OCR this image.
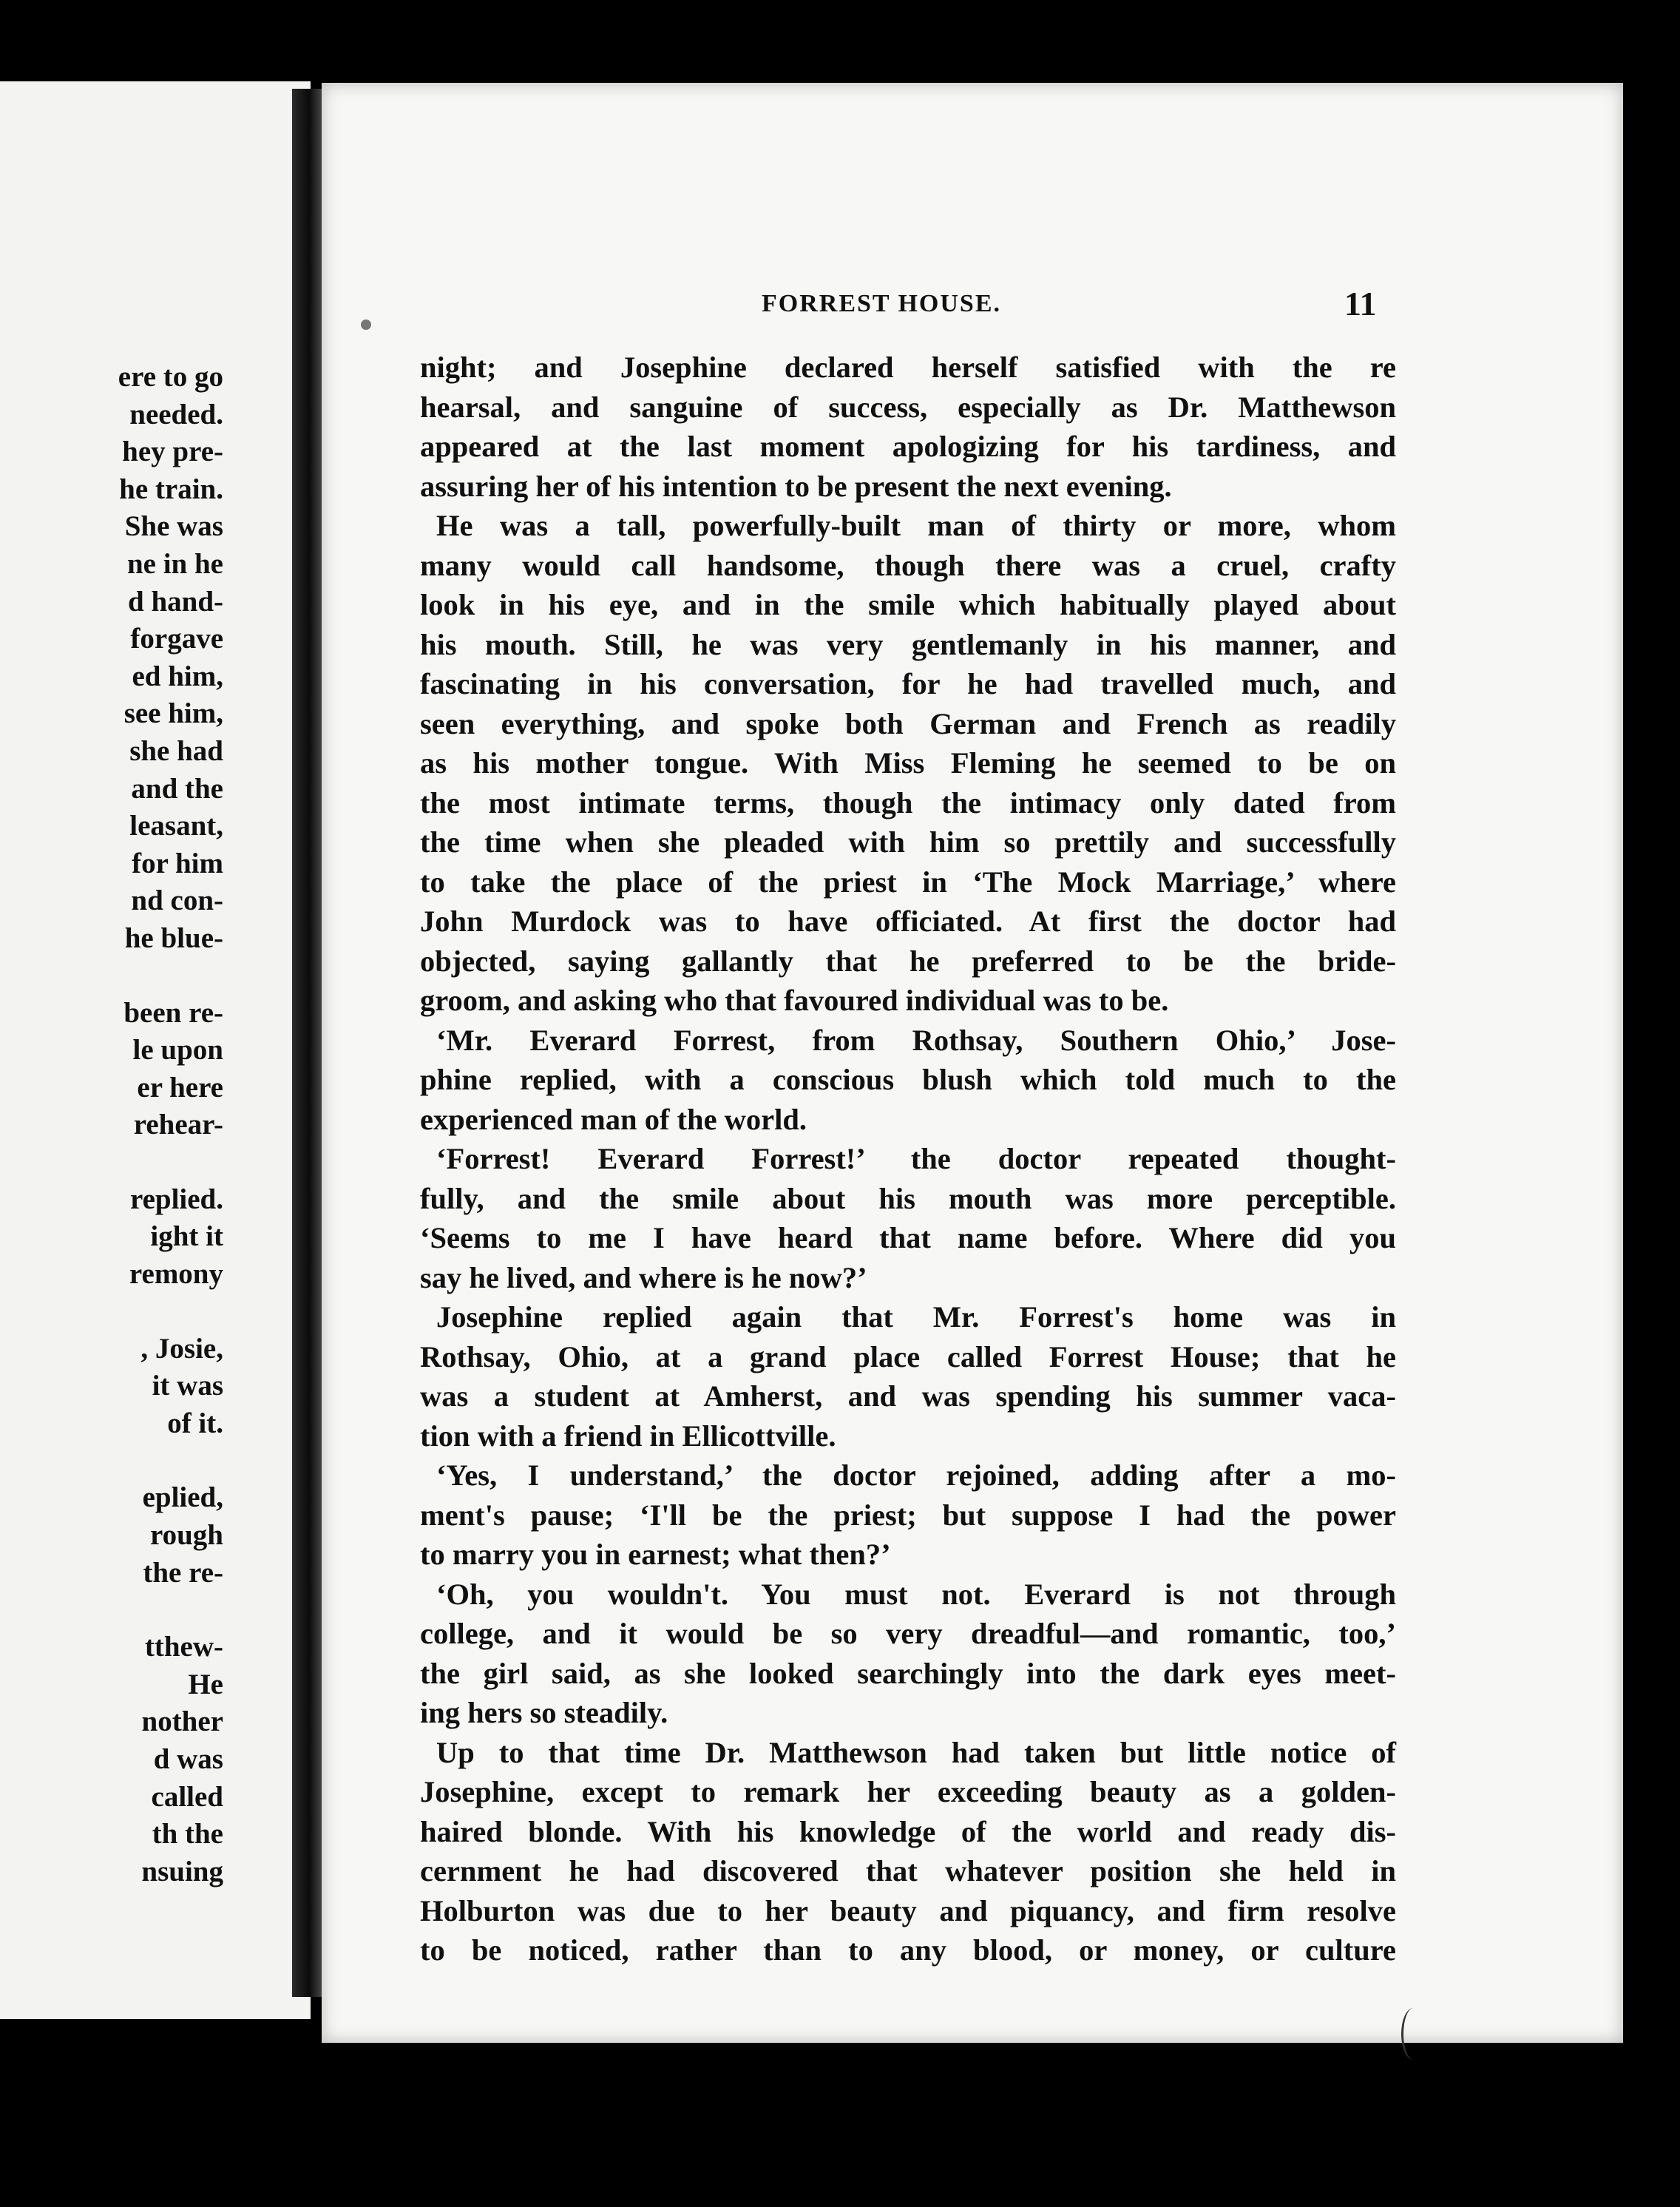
ere to go
needed.
hey pre-
he train.
She was
ne in he
d hand-
forgave
ed him,
see him,
she had
and the
leasant,
for him
nd con-
he blue-
been re-
le upon
er here
rehear-
replied.
ight it
remony
, Josie,
it was
of it.
eplied,
rough
the re-
tthew-
He
nother
d was
called
th the
nsuing
FORREST HOUSE.	11
night; and Josephine declared herself satisfied with the re
hearsal, and sanguine of success, especially as Dr. Matthewson
appeared at the last moment apologizing for his tardiness, and
assuring her of his intention to be present the next evening.
He was a tall, powerfully-built man of thirty or more, whom
many would call handsome, though there was a cruel, crafty
look in his eye, and in the smile which habitually played about
his mouth. Still, he was very gentlemanly in his manner, and
fascinating in his conversation, for he had travelled much, and
seen everything, and spoke both German and French as readily
as his mother tongue. With Miss Fleming he seemed to be on
the most intimate terms, though the intimacy only dated from
the time when she pleaded with him so prettily and successfully
to take the place of the priest in ‘The Mock Marriage,’ where
John Murdock was to have officiated. At first the doctor had
objected, saying gallantly that he preferred to be the bride-
groom, and asking who that favoured individual was to be.
‘Mr. Everard Forrest, from Rothsay, Southern Ohio,’ Jose-
phine replied, with a conscious blush which told much to the
experienced man of the world.
‘Forrest! Everard Forrest!’ the doctor repeated thought-
fully, and the smile about his mouth was more perceptible.
‘Seems to me I have heard that name before. Where did you
say he lived, and where is he now?’
Josephine replied again that Mr. Forrest's home was in
Rothsay, Ohio, at a grand place called Forrest House; that he
was a student at Amherst, and was spending his summer vaca-
tion with a friend in Ellicottville.
‘Yes, I understand,’ the doctor rejoined, adding after a mo-
ment's pause; ‘I'll be the priest; but suppose I had the power
to marry you in earnest; what then?’
‘Oh, you wouldn't. You must not. Everard is not through
college, and it would be so very dreadful—and romantic, too,’
the girl said, as she looked searchingly into the dark eyes meet-
ing hers so steadily.
Up to that time Dr. Matthewson had taken but little notice of
Josephine, except to remark her exceeding beauty as a golden-
haired blonde. With his knowledge of the world and ready dis-
cernment he had discovered that whatever position she held in
Holburton was due to her beauty and piquancy, and firm resolve
to be noticed, rather than to any blood, or money, or culture
